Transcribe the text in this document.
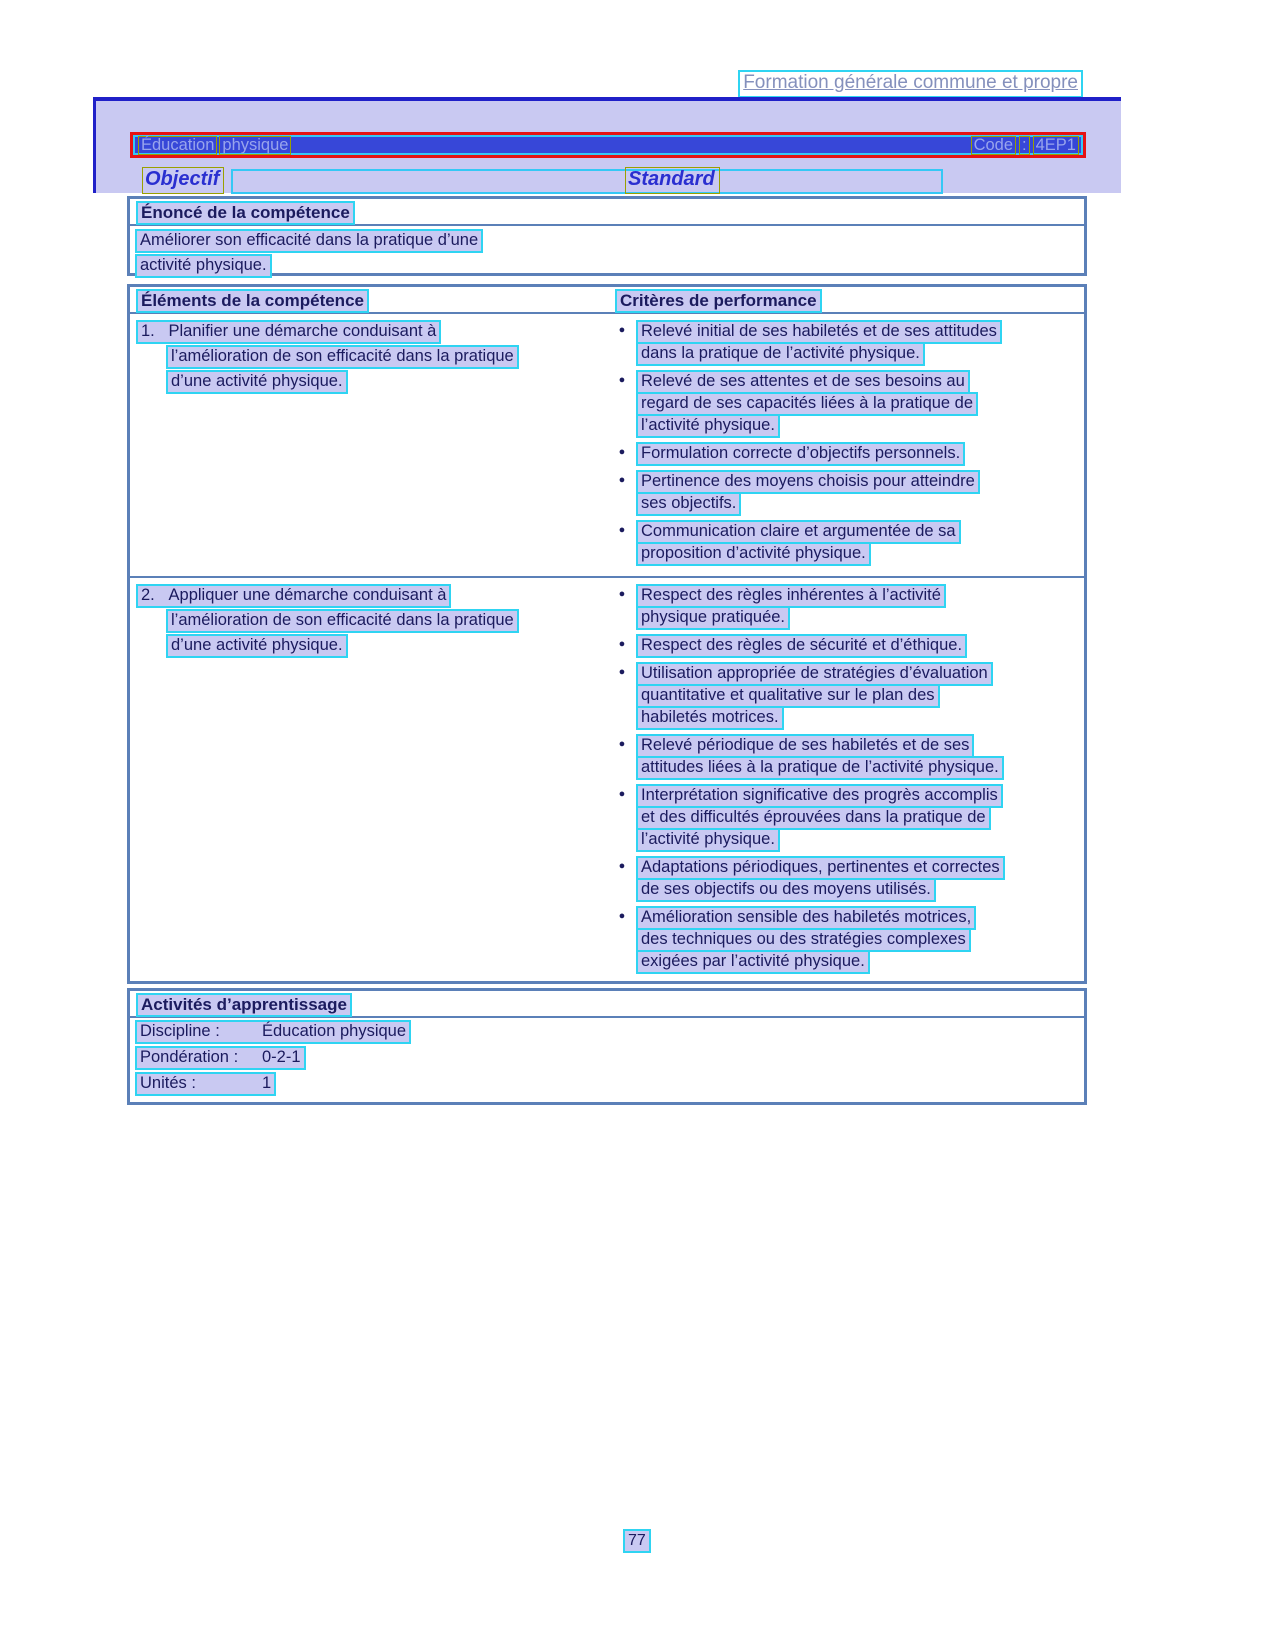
Formation générale commune et propre
Éducation physique	Code : 4EP1
Objectif	Standard
Énoncé de la compétence
Améliorer son efficacité dans la pratique d’une
activité physique.
Éléments de la compétence	Critères de performance
1.   Planifier une démarche conduisant à
l’amélioration de son efficacité dans la pratique
d’une activité physique.
● Relevé initial de ses habiletés et de ses attitudes
dans la pratique de l’activité physique.
● Relevé de ses attentes et de ses besoins au
regard de ses capacités liées à la pratique de
l’activité physique.
● Formulation correcte d’objectifs personnels.
● Pertinence des moyens choisis pour atteindre
ses objectifs.
● Communication claire et argumentée de sa
proposition d’activité physique.
2.   Appliquer une démarche conduisant à
l’amélioration de son efficacité dans la pratique
d’une activité physique.
● Respect des règles inhérentes à l’activité
physique pratiquée.
● Respect des règles de sécurité et d’éthique.
● Utilisation appropriée de stratégies d’évaluation
quantitative et qualitative sur le plan des
habiletés motrices.
● Relevé périodique de ses habiletés et de ses
attitudes liées à la pratique de l’activité physique.
● Interprétation significative des progrès accomplis
et des difficultés éprouvées dans la pratique de
l’activité physique.
● Adaptations périodiques, pertinentes et correctes
de ses objectifs ou des moyens utilisés.
● Amélioration sensible des habiletés motrices,
des techniques ou des stratégies complexes
exigées par l’activité physique.
Activités d’apprentissage
Discipline :	Éducation physique
Pondération : 0-2-1
Unités :	1
77
